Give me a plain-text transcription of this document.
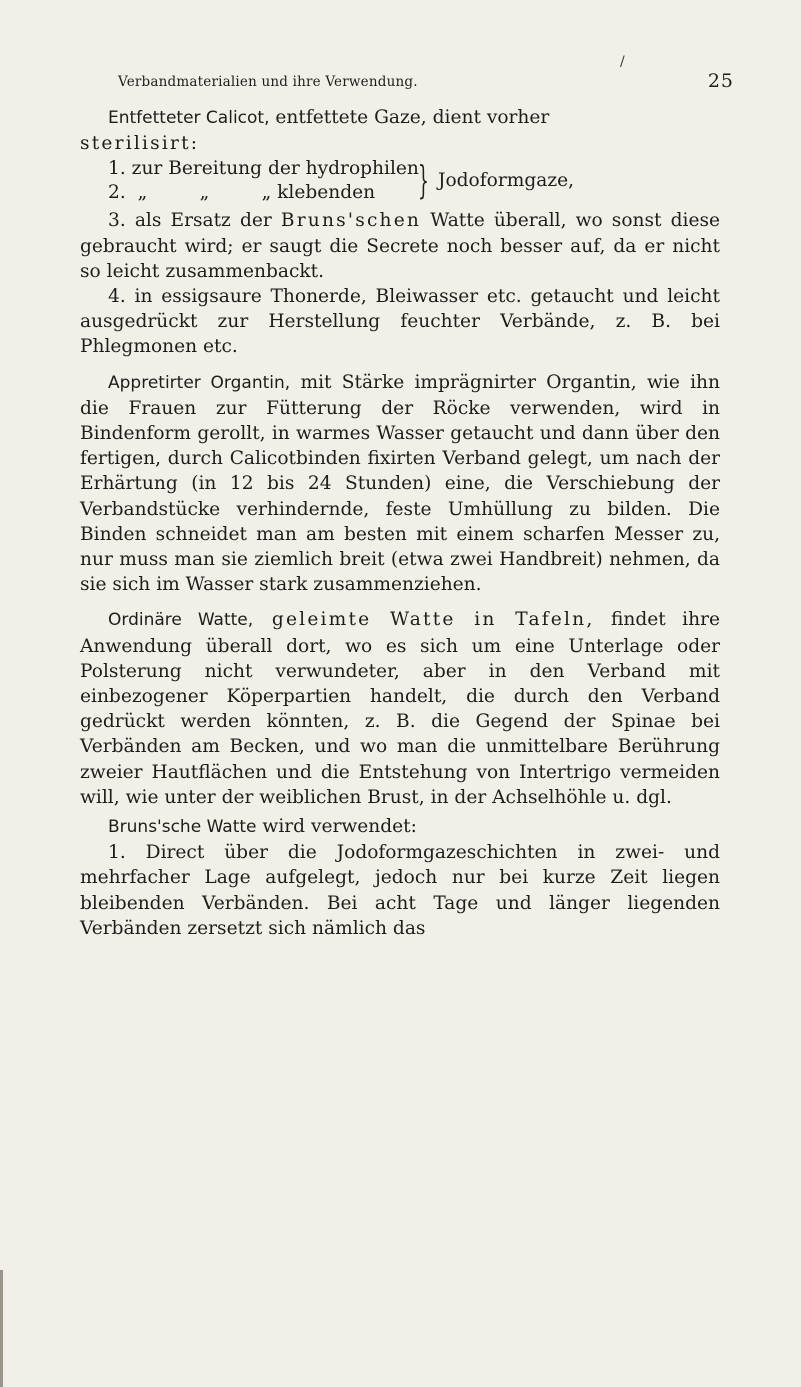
/
Verbandmaterialien und ihre Verwendung.	25

Entfetteter Calicot, entfettete Gaze, dient vorher

sterilisirt:

1. zur Bereitung der hydrophilen
2. „	„	„ klebenden } Jodoformgaze,

3. als Ersatz der Bruns'schen Watte überall, wo sonst diese gebraucht wird; er saugt die Secrete noch besser auf, da er nicht so leicht zusammenbackt.

4. in essigsaure Thonerde, Bleiwasser etc. getaucht und leicht ausgedrückt zur Herstellung feuchter Verbände, z. B. bei Phlegmonen etc.

Appretirter Organtin, mit Stärke imprägnirter Organtin, wie ihn die Frauen zur Fütterung der Röcke verwenden, wird in Bindenform gerollt, in warmes Wasser getaucht und dann über den fertigen, durch Calicotbinden fixirten Verband gelegt, um nach der Erhärtung (in 12 bis 24 Stunden) eine, die Verschiebung der Verbandstücke verhindernde, feste Umhüllung zu bilden. Die Binden schneidet man am besten mit einem scharfen Messer zu, nur muss man sie ziemlich breit (etwa zwei Handbreit) nehmen, da sie sich im Wasser stark zusammenziehen.

Ordinäre Watte, geleimte Watte in Tafeln, findet ihre Anwendung überall dort, wo es sich um eine Unterlage oder Polsterung nicht verwundeter, aber in den Verband mit einbezogener Köperpartien handelt, die durch den Verband gedrückt werden könnten, z. B. die Gegend der Spinae bei Verbänden am Becken, und wo man die unmittelbare Berührung zweier Hautflächen und die Entstehung von Intertrigo vermeiden will, wie unter der weiblichen Brust, in der Achselhöhle u. dgl.

Bruns'sche Watte wird verwendet:

1. Direct über die Jodoformgazeschichten in zwei- und mehrfacher Lage aufgelegt, jedoch nur bei kurze Zeit liegen bleibenden Verbänden. Bei acht Tage und länger liegenden Verbänden zersetzt sich nämlich das
